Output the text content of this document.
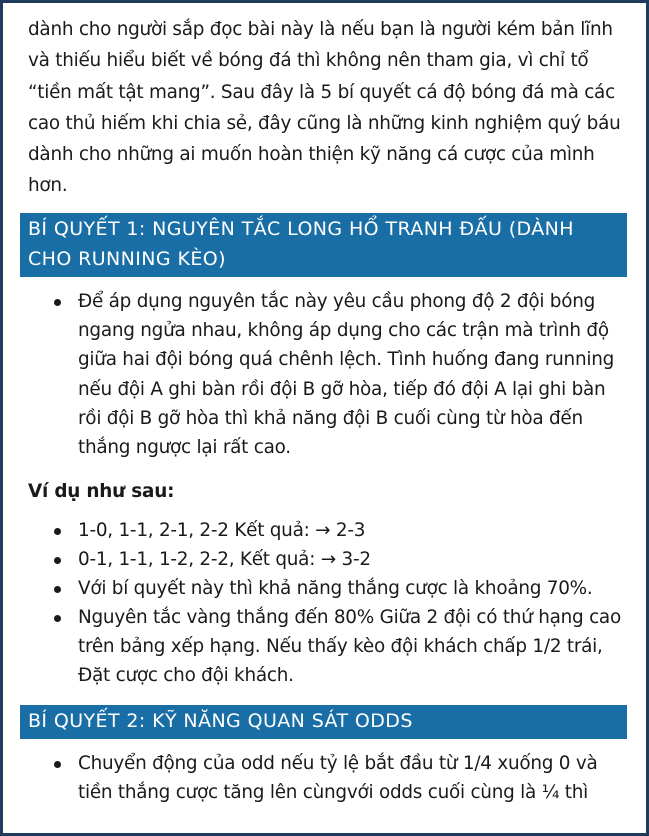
dành cho người sắp đọc bài này là nếu bạn là người kém bản lĩnh và thiếu hiểu biết về bóng đá thì không nên tham gia, vì chỉ tổ “tiền mất tật mang”. Sau đây là 5 bí quyết cá độ bóng đá mà các cao thủ hiếm khi chia sẻ, đây cũng là những kinh nghiệm quý báu dành cho những ai muốn hoàn thiện kỹ năng cá cược của mình hơn.

BÍ QUYẾT 1: NGUYÊN TẮC LONG HỔ TRANH ĐẤU (DÀNH CHO RUNNING KÈO)
Để áp dụng nguyên tắc này yêu cầu phong độ 2 đội bóng ngang ngửa nhau, không áp dụng cho các trận mà trình độ giữa hai đội bóng quá chênh lệch. Tình huống đang running nếu đội A ghi bàn rồi đội B gỡ hòa, tiếp đó đội A lại ghi bàn rồi đội B gỡ hòa thì khả năng đội B cuối cùng từ hòa đến thắng ngược lại rất cao.

Ví dụ như sau:

1-0, 1-1, 2-1, 2-2 Kết quả: → 2-3
0-1, 1-1, 1-2, 2-2, Kết quả: → 3-2
Với bí quyết này thì khả năng thắng cược là khoảng 70%.
Nguyên tắc vàng thắng đến 80% Giữa 2 đội có thứ hạng cao trên bảng xếp hạng. Nếu thấy kèo đội khách chấp 1/2 trái, Đặt cược cho đội khách.
BÍ QUYẾT 2: KỸ NĂNG QUAN SÁT ODDS
Chuyển động của odd nếu tỷ lệ bắt đầu từ 1/4 xuống 0 và tiền thắng cược tăng lên cùngvới odds cuối cùng là ¼ thì
